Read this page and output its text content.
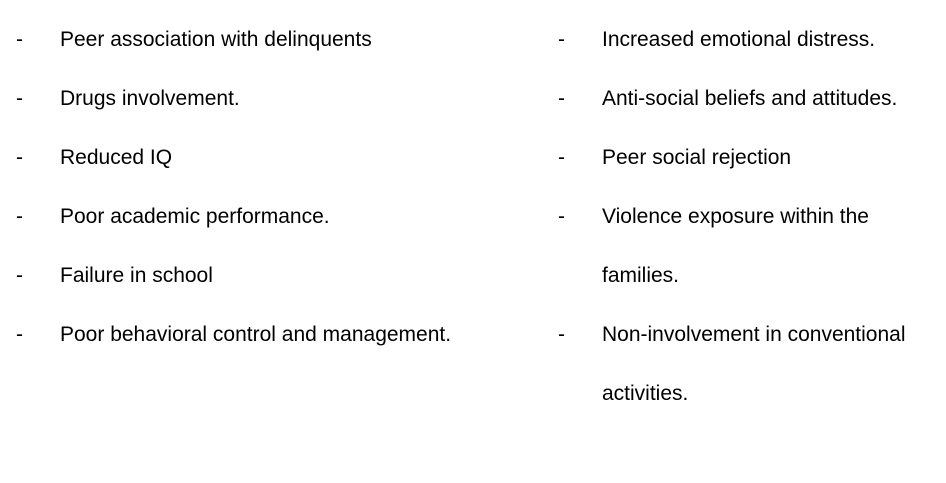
-	Peer association with delinquents
-	Drugs involvement.
-	Reduced IQ
-	Poor academic performance.
-	Failure in school
-	Poor behavioral control and management.
-	Increased emotional distress.
-	Anti-social beliefs and attitudes.
-	Peer social rejection
-	Violence exposure within the families.
-	Non-involvement in conventional activities.
